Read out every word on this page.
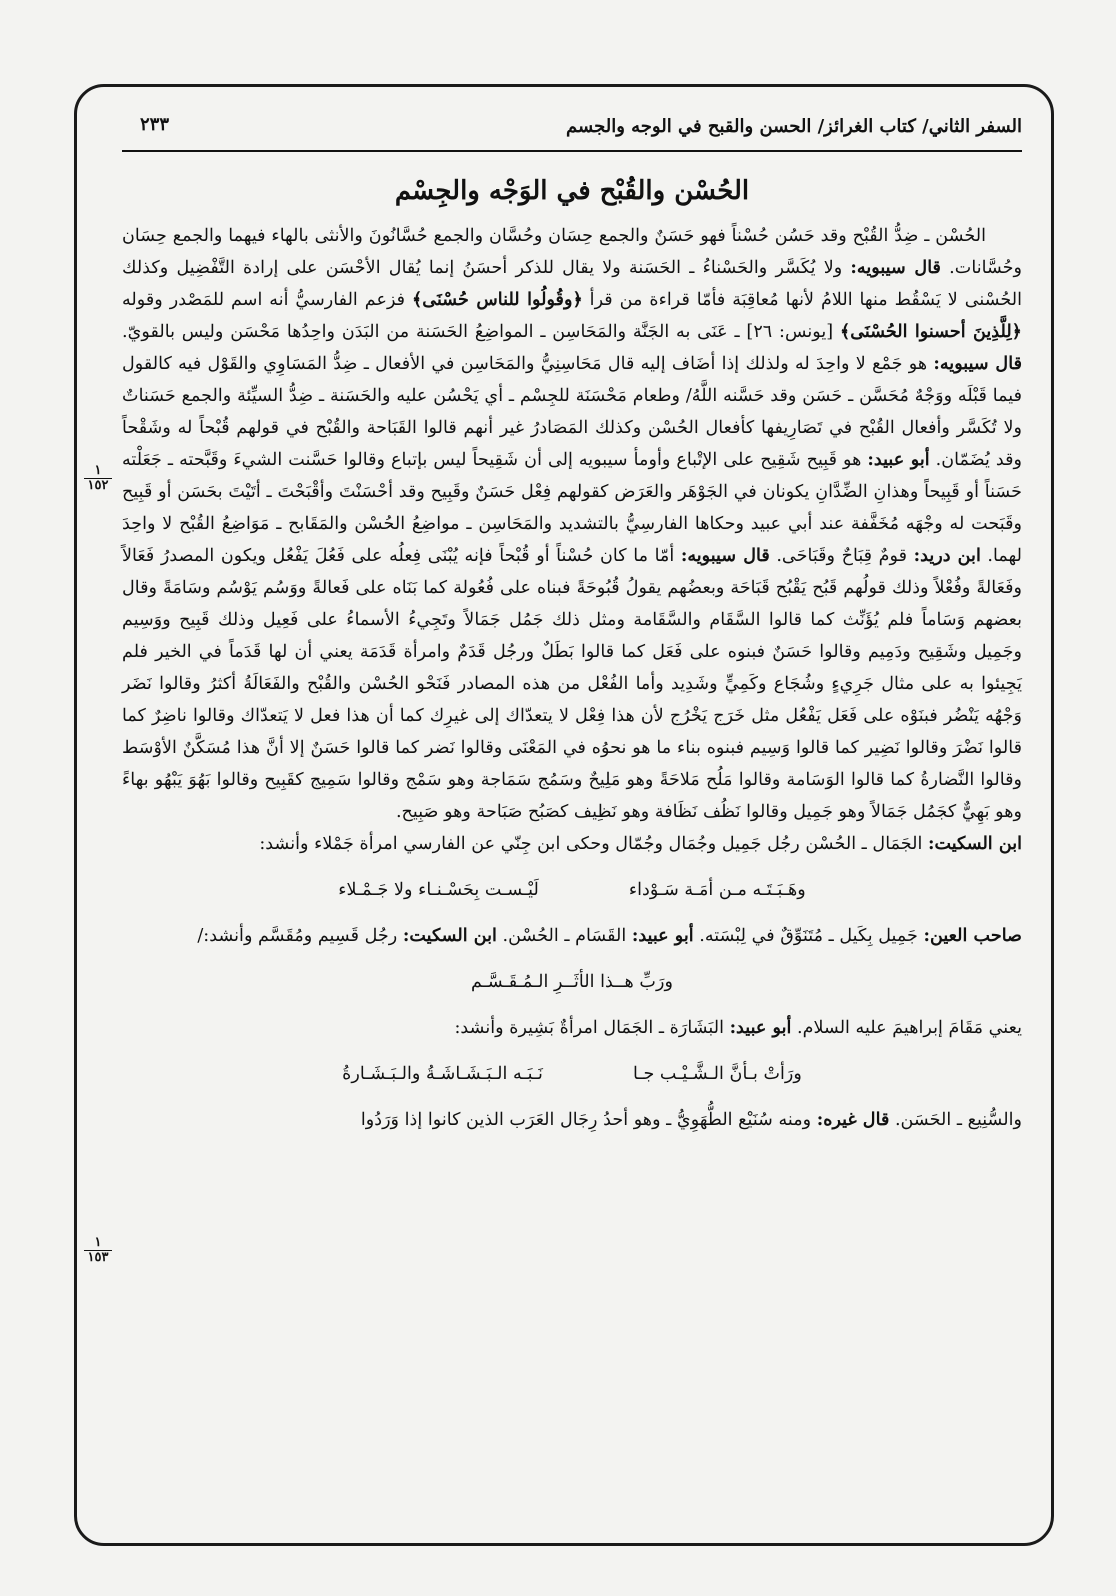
السفر الثاني/ كتاب الغرائز/ الحسن والقبح في الوجه والجسم
٢٣٣
الحُسْن والقُبْح في الوَجْه والجِسْم
١
١٥٢
١
١٥٣

الحُسْن ـ ضِدُّ القُبْح وقد حَسُن حُسْناً فهو حَسَنٌ والجمع حِسَان وحُسَّان والجمع حُسَّانُونَ والأنثى بالهاء فيهما والجمع حِسَان وحُسَّانات. قال سيبويه: ولا يُكَسَّر والحَسْناءُ ـ الحَسَنة ولا يقال للذكر أحسَنُ إنما يُقال الأحْسَن على إرادة التَّفْضِيل وكذلك الحُسْنى لا يَسْقُط منها اللامُ لأنها مُعاقِبَة فأمّا قراءة من قرأ ﴿وقُولُوا للناس حُسْنَى﴾ فزعم الفارسيُّ أنه اسم للمَصْدر وقوله ﴿لِلَّذِينَ أحسنوا الحُسْنَى﴾ [يونس: ٢٦] ـ عَنَى به الجَنَّة والمَحَاسِن ـ المواضِعُ الحَسَنة من البَدَن واحِدُها مَحْسَن وليس بالقويّ. قال سيبويه: هو جَمْع لا واحِدَ له ولذلك إذا أضَاف إليه قال مَحَاسِنِيُّ والمَحَاسِن في الأفعال ـ ضِدُّ المَسَاوِي والقَوْل فيه كالقول فيما قَبْلَه ووَجْهٌ مُحَسَّن ـ حَسَن وقد حَسَّنه اللَّهُ/ وطعام مَحْسَنَة للجِسْم ـ أي يَحْسُن عليه والحَسَنة ـ ضِدُّ السيِّئة والجمع حَسَناتٌ ولا تُكَسَّر وأفعال القُبْح في تَصَارِيفها كأفعال الحُسْن وكذلك المَصَادرُ غير أنهم قالوا القَبَاحة والقُبْح في قولهم قُبْحاً له وشَقْحاً وقد يُضَمّان. أبو عبيد: هو قَبِيح شَقِيح على الإتْباع وأومأ سيبويه إلى أن شَقِيحاً ليس بإتباع وقالوا حَسَّنت الشيءَ وقَبَّحته ـ جَعَلْته حَسَناً أو قَبِيحاً وهذانِ الضِّدَّانِ يكونان في الجَوْهَر والعَرَض كقولهم فِعْل حَسَنٌ وقَبِيح وقد أحْسَنْتَ وأقْبَحْتَ ـ أتَيْتَ بحَسَن أو قَبِيح وقَبَحت له وجْهَه مُخَفَّفة عند أبي عبيد وحكاها الفارسِيُّ بالتشديد والمَحَاسِن ـ مواضِعُ الحُسْن والمَقَابح ـ مَوَاضِعُ القُبْح لا واحِدَ لهما. ابن دريد: قومٌ قِبَاحٌ وقَبَاحَى. قال سيبويه: أمّا ما كان حُسْناً أو قُبْحاً فإنه يُبْنَى فِعلُه على فَعُلَ يَفْعُل ويكون المصدرُ فَعَالاً وفَعَالةً وفُعْلاً وذلك قولُهم قَبُح يَقْبُح قَبَاحَة وبعضُهم يقولُ قُبُوحَةً فبناه على فُعُولة كما بَنَاه على فَعالةً ووَسُم يَوْسُم وسَامَةً وقال بعضهم وَسَاماً فلم يُؤَنِّث كما قالوا السَّقَام والسَّقَامة ومثل ذلك جَمُل جَمَالاً وتَجِيءُ الأسماءُ على فَعِيل وذلك قَبِيح ووَسِيم وجَمِيل وشَقِيح ودَمِيم وقالوا حَسَنٌ فبنوه على فَعَل كما قالوا بَطَلٌ ورجُل قَدَمٌ وامرأة قَدَمَة يعني أن لها قَدَماً في الخير فلم يَجِيئوا به على مثال جَرِيءٍ وشُجَاع وكَمِيٍّ وشَدِيد وأما الفُعْل من هذه المصادر فَنَحْو الحُسْن والقُبْح والفَعَالَةُ أكثرُ وقالوا نَضَر وَجْهُه يَنْضُر فبنَوْه على فَعَل يَفْعُل مثل خَرَج يَخْرُج لأن هذا فِعْل لا يتعدّاك إلى غيرِك كما أن هذا فعل لا يَتعدّاك وقالوا ناضِرٌ كما قالوا نَضْرَ وقالوا نَضِير كما قالوا وَسِيم فبنوه بناء ما هو نحوُه في المَعْنَى وقالوا نَضر كما قالوا حَسَنٌ إلا أنَّ هذا مُسَكَّنٌ الأوْسَط وقالوا النَّضارةُ كما قالوا الوَسَامة وقالوا مَلُح مَلاحَةً وهو مَلِيحٌ وسَمُج سَمَاجة وهو سَمْج وقالوا سَمِيج كقَبِيح وقالوا بَهُوَ يَبْهُو بهاءً وهو بَهِيٌّ كجَمُل جَمَالاً وهو جَمِيل وقالوا نَظُف نَظَافة وهو نَظِيف كصَبُح صَبَاحة وهو صَبِيح.

ابن السكيت: الجَمَال ـ الحُسْن رجُل جَمِيل وجُمَال وجُمّال وحكى ابن جِنّي عن الفارسي امرأة جَمْلاء وأنشد:

وهَـبَـتَـه مـن أمَـة سَـوْداء
لَيْـسـت بِحَسْـنـاء ولا جَـمْـلاء

صاحب العين: جَمِيل بِكَيل ـ مُتَنَوِّقٌ في لِبْسَته. أبو عبيد: القَسَام ـ الحُسْن. ابن السكيت: رجُل قَسِيم ومُقَسَّم وأنشد:/

ورَبِّ هــذا الأثَــرِ الـمُـقَـسَّـم

يعني مَقَامَ إبراهيمَ عليه السلام. أبو عبيد: البَشَارَة ـ الجَمَال امرأةٌ بَشِيرة وأنشد:

ورَأتْ بـأنَّ الـشَّـيْـب جـا
نَـبَـه الـبَـشَـاشَـةُ والـبَـشَـارةُ

والسُّنِيع ـ الحَسَن. قال غيره: ومنه سُنَيْع الطُّهَوِيُّ ـ وهو أحدُ رِجَال العَرَب الذين كانوا إذا وَرَدُوا
